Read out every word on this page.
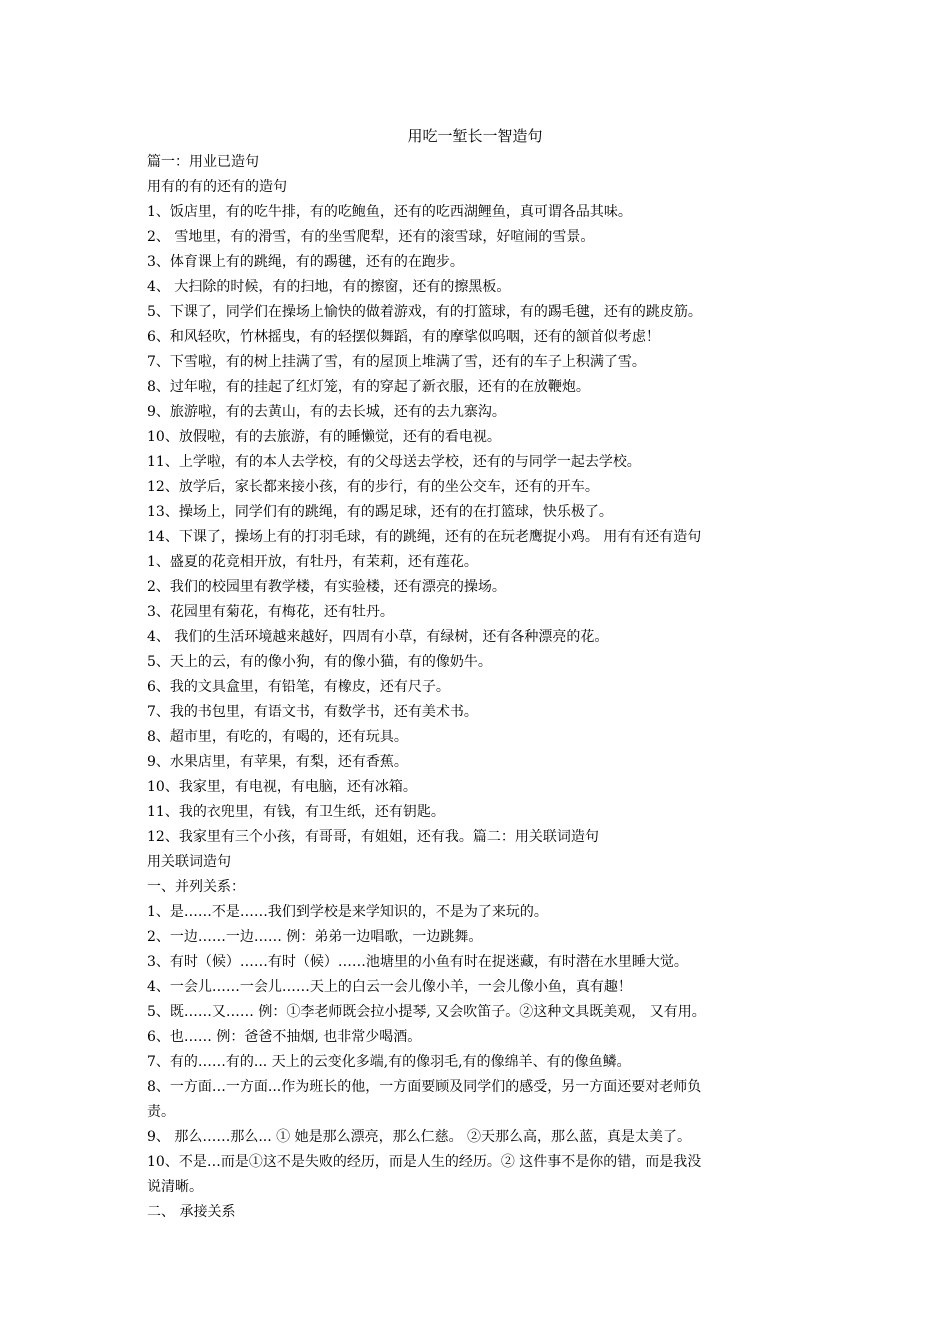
用吃一堑长一智造句
篇一：用业已造句
用有的有的还有的造句
1、饭店里，有的吃牛排，有的吃鲍鱼，还有的吃西湖鲤鱼，真可谓各品其味。
2、 雪地里，有的滑雪，有的坐雪爬犁，还有的滚雪球，好喧闹的雪景。
3、体育课上有的跳绳，有的踢毽，还有的在跑步。
4、 大扫除的时候，有的扫地，有的擦窗，还有的擦黑板。
5、下课了，同学们在操场上愉快的做着游戏，有的打篮球，有的踢毛毽，还有的跳皮筋。
6、和风轻吹，竹林摇曳，有的轻摆似舞蹈，有的摩挲似呜咽，还有的颔首似考虑！
7、下雪啦，有的树上挂满了雪，有的屋顶上堆满了雪，还有的车子上积满了雪。
8、过年啦，有的挂起了红灯笼，有的穿起了新衣服，还有的在放鞭炮。
9、旅游啦，有的去黄山，有的去长城，还有的去九寨沟。
10、放假啦，有的去旅游，有的睡懒觉，还有的看电视。
11、上学啦，有的本人去学校，有的父母送去学校，还有的与同学一起去学校。
12、放学后，家长都来接小孩，有的步行，有的坐公交车，还有的开车。
13、操场上，同学们有的跳绳，有的踢足球，还有的在打篮球，快乐极了。
14、下课了，操场上有的打羽毛球，有的跳绳，还有的在玩老鹰捉小鸡。 用有有还有造句
1、盛夏的花竞相开放，有牡丹，有茉莉，还有莲花。
2、我们的校园里有教学楼，有实验楼，还有漂亮的操场。
3、花园里有菊花，有梅花，还有牡丹。
4、 我们的生活环境越来越好，四周有小草，有绿树，还有各种漂亮的花。
5、天上的云，有的像小狗，有的像小猫，有的像奶牛。
6、我的文具盒里，有铅笔，有橡皮，还有尺子。
7、我的书包里，有语文书，有数学书，还有美术书。
8、超市里，有吃的，有喝的，还有玩具。
9、水果店里，有苹果，有梨，还有香蕉。
10、我家里，有电视，有电脑，还有冰箱。
11、我的衣兜里，有钱，有卫生纸，还有钥匙。
12、我家里有三个小孩，有哥哥，有姐姐，还有我。篇二：用关联词造句
用关联词造句
一、并列关系：
1、是……不是……我们到学校是来学知识的，不是为了来玩的。
2、一边……一边…… 例：弟弟一边唱歌，一边跳舞。
3、有时（候）……有时（候）……池塘里的小鱼有时在捉迷藏，有时潜在水里睡大觉。
4、一会儿……一会儿……天上的白云一会儿像小羊，一会儿像小鱼，真有趣！
5、既……又…… 例：①李老师既会拉小提琴, 又会吹笛子。②这种文具既美观， 又有用。
6、也…… 例：爸爸不抽烟, 也非常少喝酒。
7、有的……有的... 天上的云变化多端,有的像羽毛,有的像绵羊、有的像鱼鳞。
8、一方面…一方面...作为班长的他，一方面要顾及同学们的感受，另一方面还要对老师负
责。
9、 那么……那么... ① 她是那么漂亮，那么仁慈。 ②天那么高，那么蓝，真是太美了。
10、不是…而是①这不是失败的经历，而是人生的经历。② 这件事不是你的错，而是我没
说清晰。
二、 承接关系
